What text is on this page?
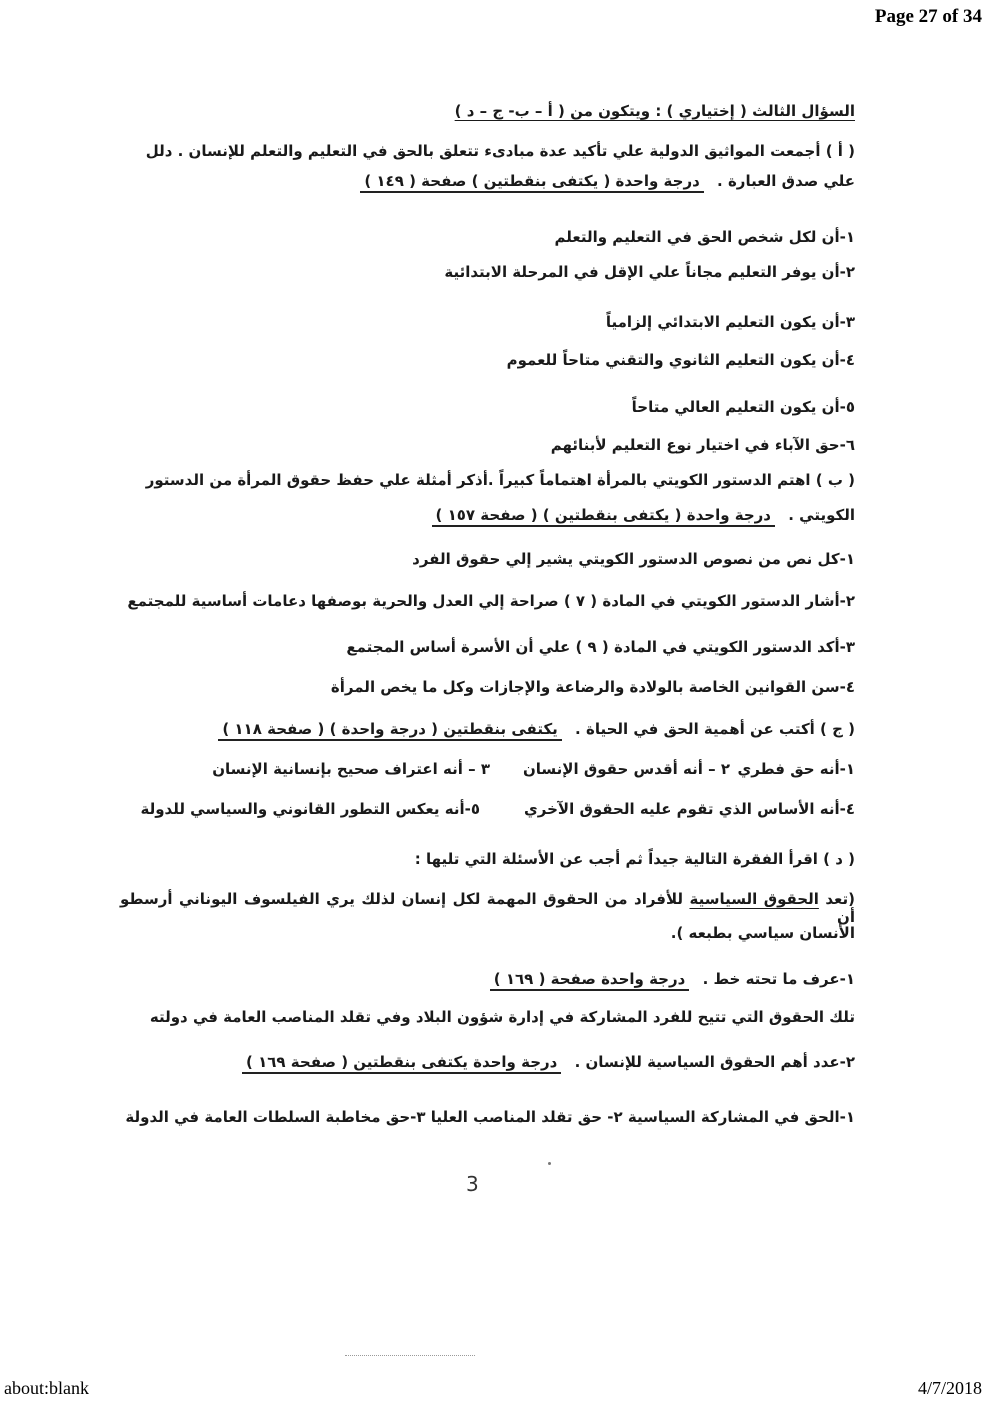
Page 27 of 34
السؤال الثالث ( إختياري ) : ويتكون من ( أ – ب- ج – د )
( أ ) أجمعت المواثيق الدولية علي تأكيد عدة مبادىء تتعلق بالحق في التعليم والتعلم للإنسان . دلل
علي صدق العبارة . درجة واحدة ( يكتفى بنقطتين ) صفحة ( ١٤٩ )
١-أن لكل شخص الحق في التعليم والتعلم
٢-أن يوفر التعليم مجاناً علي الإقل في المرحلة الابتدائية
٣-أن يكون التعليم الابتدائي إلزامياً
٤-أن يكون التعليم الثانوي والتقني متاحاً للعموم
٥-أن يكون التعليم العالي متاحاً
٦-حق الآباء في اختيار نوع التعليم لأبنائهم
( ب ) اهتم الدستور الكويتي بالمرأة اهتماماً كبيراً .أذكر أمثلة علي حفظ حقوق المرأة من الدستور
الكويتي . درجة واحدة ( يكتفى بنقطتين ) ( صفحة ١٥٧ )
١-كل نص من نصوص الدستور الكويتي يشير إلي حقوق الفرد
٢-أشار الدستور الكويتي في المادة ( ٧ ) صراحة إلي العدل والحرية بوصفها دعامات أساسية للمجتمع
٣-أكد الدستور الكويتي في المادة ( ٩ ) علي أن الأسرة أساس المجتمع
٤-سن القوانين الخاصة بالولادة والرضاعة والإجازات وكل ما يخص المرأة
( ج ) أكتب عن أهمية الحق في الحياة . يكتفى بنقطتين ( درجة واحدة ) ( صفحة ١١٨ )
١-أنه حق فطري
٢ – أنه أقدس حقوق الإنسان
٣ – أنه اعتراف صحيح بإنسانية الإنسان
٤-أنه الأساس الذي تقوم عليه الحقوق الآخري
٥-أنه يعكس التطور القانوني والسياسي للدولة
( د ) اقرأ الفقرة التالية جيداً ثم أجب عن الأسئلة التي تليها :
(تعد الحقوق السياسية للأفراد من الحقوق المهمة لكل إنسان لذلك يري الفيلسوف اليوناني أرسطو أن
الأنسان سياسي بطبعه ).
١-عرف ما تحته خط . درجة واحدة صفحة ( ١٦٩ )
تلك الحقوق التي تتيح للفرد المشاركة في إدارة شؤون البلاد وفي تقلد المناصب العامة في دولته
٢-عدد أهم الحقوق السياسية للإنسان . درجة واحدة يكتفى بنقطتين ( صفحة ١٦٩ )
١-الحق في المشاركة السياسية ٢- حق تقلد المناصب العليا ٣-حق مخاطبة السلطات العامة في الدولة
3
about:blank	4/7/2018
